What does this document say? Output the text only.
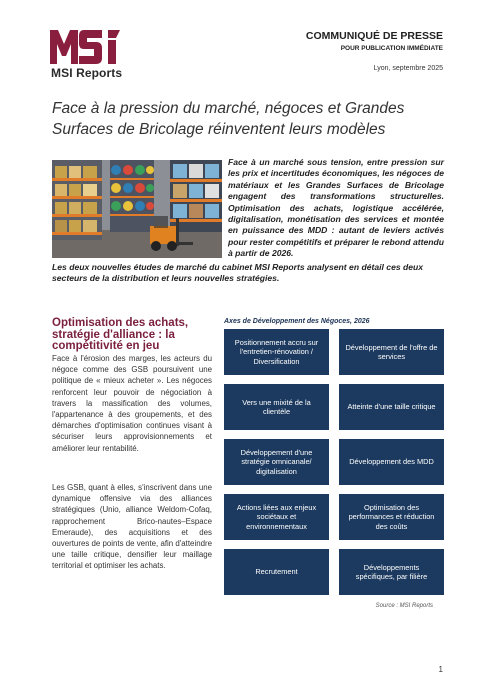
MSI Reports
COMMUNIQUÉ DE PRESSE
POUR PUBLICATION IMMÉDIATE
Lyon, septembre 2025
Face à la pression du marché, négoces et Grandes Surfaces de Bricolage réinventent leurs modèles
Face à un marché sous tension, entre pression sur les prix et incertitudes économiques, les négoces de matériaux et les Grandes Surfaces de Bricolage engagent des transformations structurelles. Optimisation des achats, logistique accélérée, digitalisation, monétisation des services et montée en puissance des MDD : autant de leviers activés pour rester compétitifs et préparer le rebond attendu à partir de 2026.
Les deux nouvelles études de marché du cabinet MSI Reports analysent en détail ces deux secteurs de la distribution et leurs nouvelles stratégies.
Optimisation des achats, stratégie d'alliance : la compétitivité en jeu
Face à l'érosion des marges, les acteurs du négoce comme des GSB poursuivent une politique de « mieux acheter ». Les négoces renforcent leur pouvoir de négociation à travers la massification des volumes, l'appartenance à des groupements, et des démarches d'optimisation continues visant à sécuriser leurs approvisionnements et améliorer leur rentabilité.
Les GSB, quant à elles, s'inscrivent dans une dynamique offensive via des alliances stratégiques (Unio, alliance Weldom-Cofaq, rapprochement Brico-nautes–Espace Emeraude), des acquisitions et des ouvertures de points de vente, afin d'atteindre une taille critique, densifier leur maillage territorial et optimiser les achats.
Axes de Développement des Négoces, 2026
Positionnement accru sur l'entretien-rénovation / Diversification
Développement de l'offre de services
Vers une mixité de la clientèle
Atteinte d'une taille critique
Développement d'une stratégie omnicanale/ digitalisation
Développement des MDD
Actions liées aux enjeux sociétaux et environnementaux
Optimisation des performances et réduction des coûts
Recrutement
Développements spécifiques, par filière
Source : MSI Reports
1
